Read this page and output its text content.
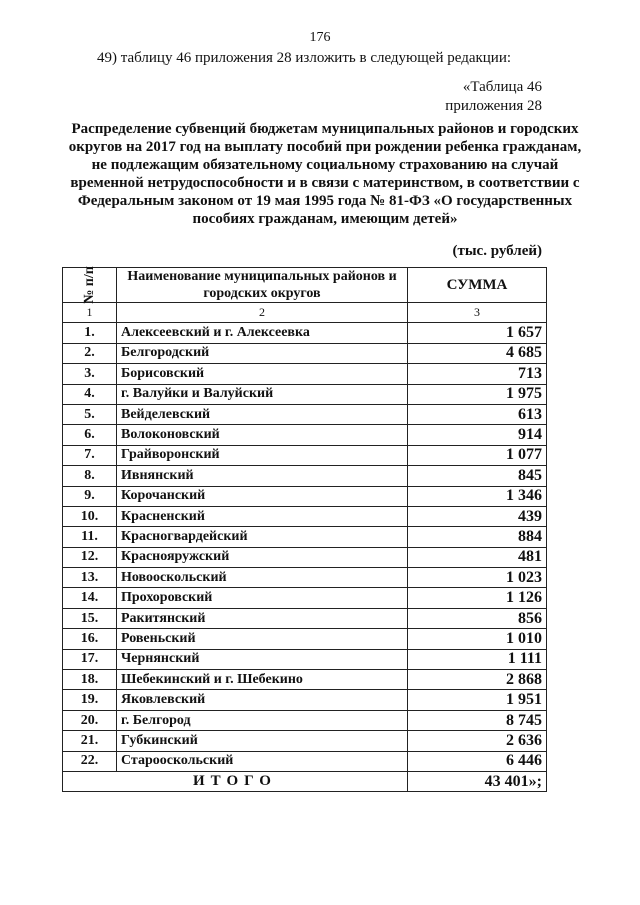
176
49) таблицу 46 приложения 28 изложить в следующей редакции:
«Таблица 46
приложения 28
Распределение субвенций бюджетам муниципальных районов и городских округов на 2017 год на выплату пособий при рождении ребенка гражданам, не подлежащим обязательному социальному страхованию на случай временной нетрудоспособности и в связи с материнством, в соответствии с Федеральным законом от 19 мая 1995 года № 81-ФЗ «О государственных пособиях гражданам, имеющим детей»
(тыс. рублей)
№ п/п	Наименование муниципальных районов и городских округов	СУММА
1	2	3
1.	Алексеевский и г. Алексеевка	1 657
2.	Белгородский	4 685
3.	Борисовский	713
4.	г. Валуйки и Валуйский	1 975
5.	Вейделевский	613
6.	Волоконовский	914
7.	Грайворонский	1 077
8.	Ивнянский	845
9.	Корочанский	1 346
10.	Красненский	439
11.	Красногвардейский	884
12.	Краснояружский	481
13.	Новооскольский	1 023
14.	Прохоровский	1 126
15.	Ракитянский	856
16.	Ровеньский	1 010
17.	Чернянский	1 111
18.	Шебекинский и г. Шебекино	2 868
19.	Яковлевский	1 951
20.	г. Белгород	8 745
21.	Губкинский	2 636
22.	Старооскольский	6 446
ИТОГО		43 401»;
